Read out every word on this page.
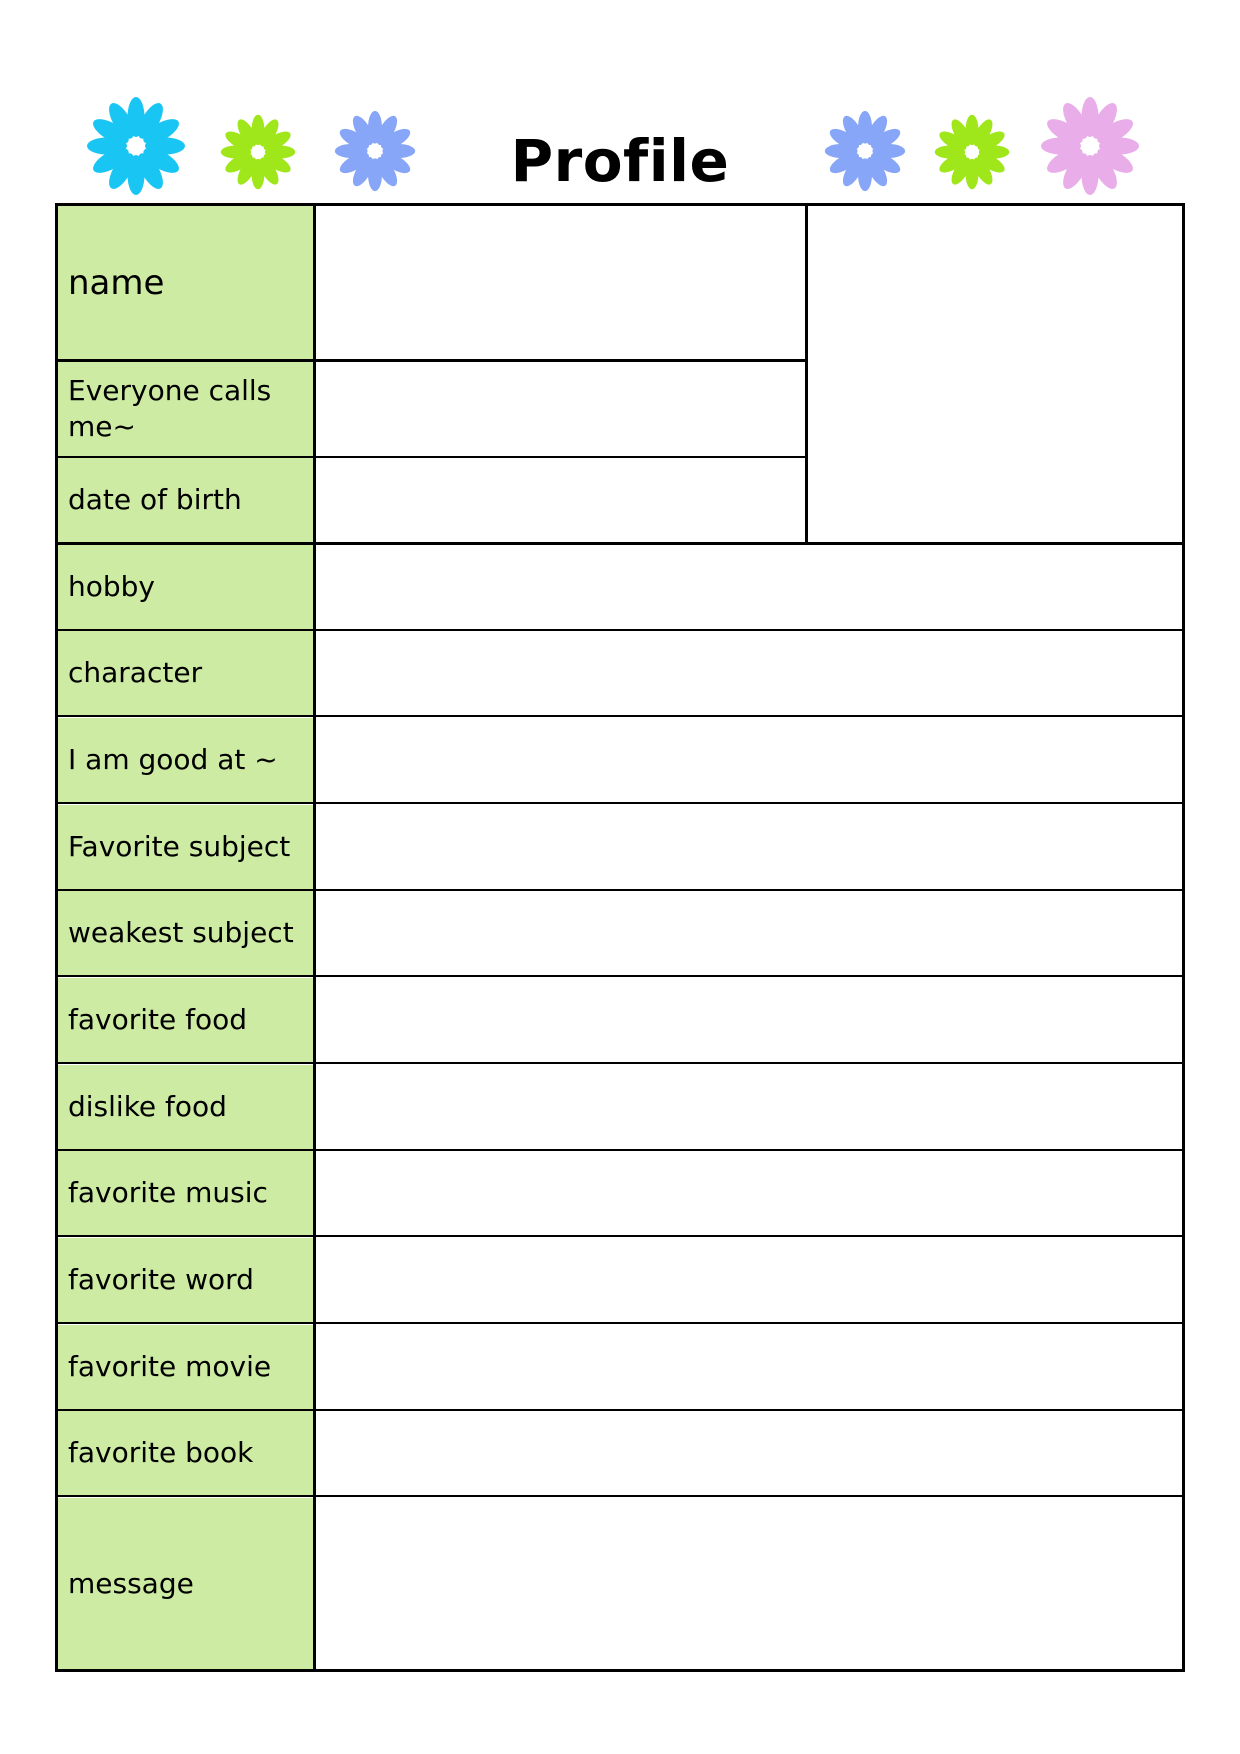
Profile
name
Everyone calls me~
date of birth
hobby
character
I am good at ~
Favorite subject
weakest subject
favorite food
dislike food
favorite music
favorite word
favorite movie
favorite book
message
